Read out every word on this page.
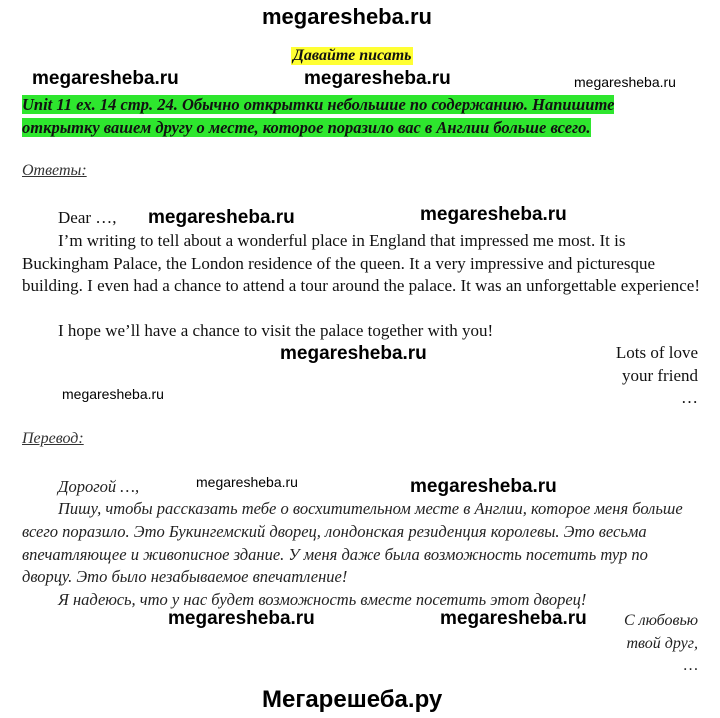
megaresheba.ru
megaresheba.ru	megaresheba.ru	megaresheba.ru
Давайте писать
Unit 11 ex. 14 стр. 24. Обычно открытки небольшие по содержанию. Напишите
открытку вашем другу о месте, которое поразило вас в Англии больше всего.
Ответы:
Dear …,	megaresheba.ru	megaresheba.ru
I’m writing to tell about a wonderful place in England that impressed me most. It is Buckingham Palace, the London residence of the queen. It a very impressive and picturesque building. I even had a chance to attend a tour around the palace. It was an unforgettable experience!
I hope we’ll have a chance to visit the palace together with you!
megaresheba.ru	Lots of love
your friend
…
megaresheba.ru
Перевод:
Дорогой …,	megaresheba.ru	megaresheba.ru
Пишу, чтобы рассказать тебе о восхитительном месте в Англии, которое меня больше всего поразило. Это Букингемский дворец, лондонская резиденция королевы. Это весьма впечатляющее и живописное здание. У меня даже была возможность посетить тур по дворцу. Это было незабываемое впечатление!
Я надеюсь, что у нас будет возможность вместе посетить этот дворец!
megaresheba.ru	megaresheba.ru С любовью
твой друг,
…
Мегарешеба.ру
